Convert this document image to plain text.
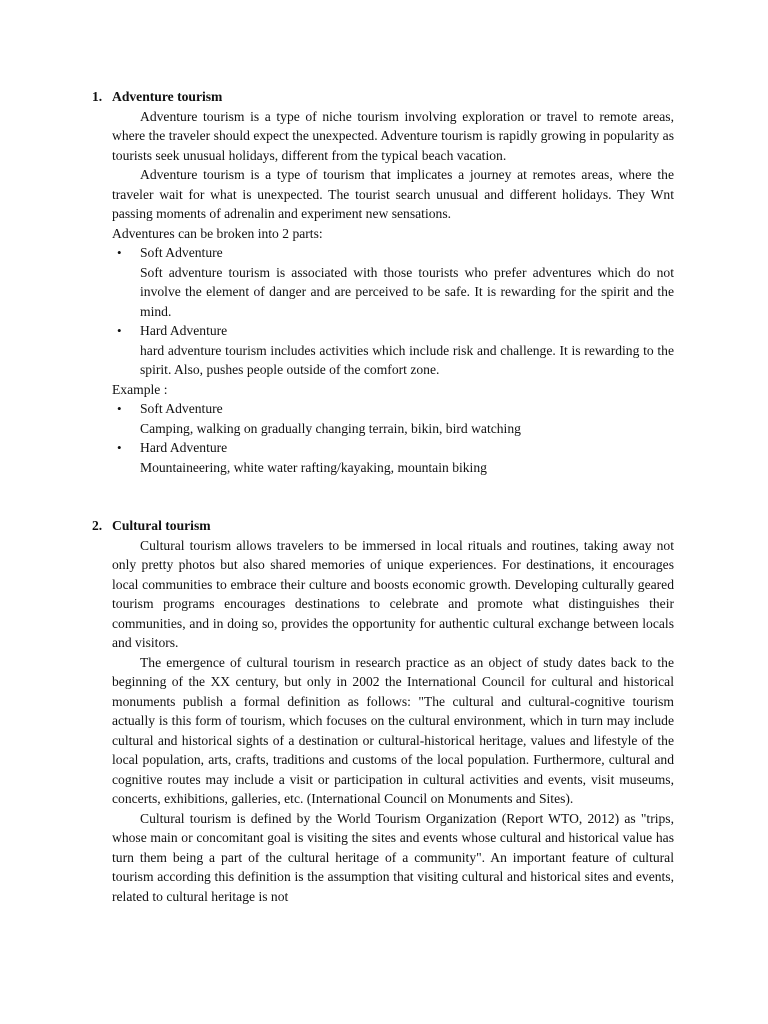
1. Adventure tourism

Adventure tourism is a type of niche tourism involving exploration or travel to remote areas, where the traveler should expect the unexpected. Adventure tourism is rapidly growing in popularity as tourists seek unusual holidays, different from the typical beach vacation.

Adventure tourism is a type of tourism that implicates a journey at remotes areas, where the traveler wait for what is unexpected. The tourist search unusual and different holidays. They Wnt passing moments of adrenalin and experiment new sensations.

Adventures can be broken into 2 parts:

• Soft Adventure
Soft adventure tourism is associated with those tourists who prefer adventures which do not involve the element of danger and are perceived to be safe. It is rewarding for the spirit and the mind.
• Hard Adventure
hard adventure tourism includes activities which include risk and challenge. It is rewarding to the spirit. Also, pushes people outside of the comfort zone.

Example :

• Soft Adventure
Camping, walking on gradually changing terrain, bikin, bird watching
• Hard Adventure
Mountaineering, white water rafting/kayaking, mountain biking
2. Cultural tourism

Cultural tourism allows travelers to be immersed in local rituals and routines, taking away not only pretty photos but also shared memories of unique experiences. For destinations, it encourages local communities to embrace their culture and boosts economic growth. Developing culturally geared tourism programs encourages destinations to celebrate and promote what distinguishes their communities, and in doing so, provides the opportunity for authentic cultural exchange between locals and visitors.

The emergence of cultural tourism in research practice as an object of study dates back to the beginning of the XX century, but only in 2002 the International Council for cultural and historical monuments publish a formal definition as follows: "The cultural and cultural-cognitive tourism actually is this form of tourism, which focuses on the cultural environment, which in turn may include cultural and historical sights of a destination or cultural-historical heritage, values and lifestyle of the local population, arts, crafts, traditions and customs of the local population. Furthermore, cultural and cognitive routes may include a visit or participation in cultural activities and events, visit museums, concerts, exhibitions, galleries, etc. (International Council on Monuments and Sites).

Cultural tourism is defined by the World Tourism Organization (Report WTO, 2012) as "trips, whose main or concomitant goal is visiting the sites and events whose cultural and historical value has turn them being a part of the cultural heritage of a community". An important feature of cultural tourism according this definition is the assumption that visiting cultural and historical sites and events, related to cultural heritage is not
